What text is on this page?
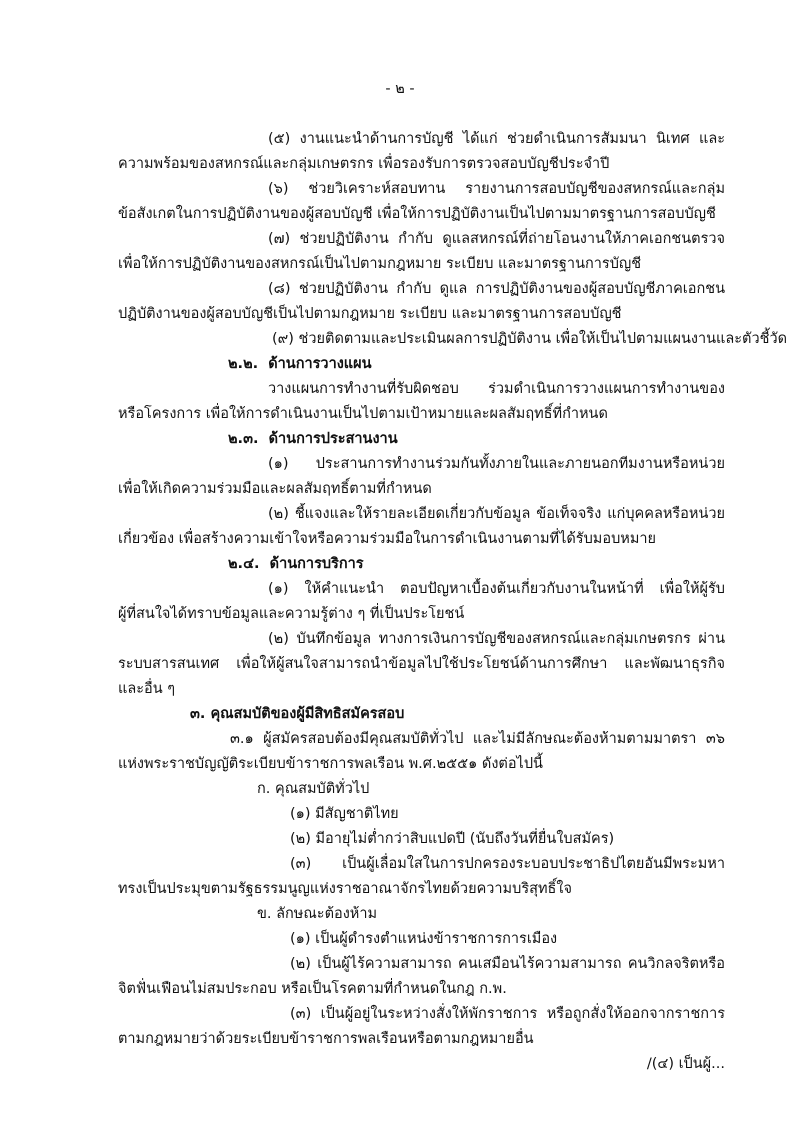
- ๒ -
(๕) งานแนะนำด้านการบัญชี ได้แก่ ช่วยดำเนินการสัมมนา นิเทศ และ
ความพร้อมของสหกรณ์และกลุ่มเกษตรกร เพื่อรองรับการตรวจสอบบัญชีประจำปี
(๖) ช่วยวิเคราะห์สอบทาน รายงานการสอบบัญชีของสหกรณ์และกลุ่ม
ข้อสังเกตในการปฏิบัติงานของผู้สอบบัญชี เพื่อให้การปฏิบัติงานเป็นไปตามมาตรฐานการสอบบัญชี
(๗) ช่วยปฏิบัติงาน กำกับ ดูแลสหกรณ์ที่ถ่ายโอนงานให้ภาคเอกชนตรวจ
เพื่อให้การปฏิบัติงานของสหกรณ์เป็นไปตามกฎหมาย ระเบียบ และมาตรฐานการบัญชี
(๘) ช่วยปฏิบัติงาน กำกับ ดูแล การปฏิบัติงานของผู้สอบบัญชีภาคเอกชน
ปฏิบัติงานของผู้สอบบัญชีเป็นไปตามกฎหมาย ระเบียบ และมาตรฐานการสอบบัญชี
(๙) ช่วยติดตามและประเมินผลการปฏิบัติงาน เพื่อให้เป็นไปตามแผนงานและตัวชี้วัด
๒.๒. ด้านการวางแผน
วางแผนการทำงานที่รับผิดชอบ ร่วมดำเนินการวางแผนการทำงานของ
หรือโครงการ เพื่อให้การดำเนินงานเป็นไปตามเป้าหมายและผลสัมฤทธิ์ที่กำหนด
๒.๓. ด้านการประสานงาน
(๑) ประสานการทำงานร่วมกันทั้งภายในและภายนอกทีมงานหรือหน่วย
เพื่อให้เกิดความร่วมมือและผลสัมฤทธิ์ตามที่กำหนด
(๒) ชี้แจงและให้รายละเอียดเกี่ยวกับข้อมูล ข้อเท็จจริง แก่บุคคลหรือหน่วย
เกี่ยวข้อง เพื่อสร้างความเข้าใจหรือความร่วมมือในการดำเนินงานตามที่ได้รับมอบหมาย
๒.๔. ด้านการบริการ
(๑) ให้คำแนะนำ ตอบปัญหาเบื้องต้นเกี่ยวกับงานในหน้าที่ เพื่อให้ผู้รับ
ผู้ที่สนใจได้ทราบข้อมูลและความรู้ต่าง ๆ ที่เป็นประโยชน์
(๒) บันทึกข้อมูล ทางการเงินการบัญชีของสหกรณ์และกลุ่มเกษตรกร ผ่าน
ระบบสารสนเทศ เพื่อให้ผู้สนใจสามารถนำข้อมูลไปใช้ประโยชน์ด้านการศึกษา และพัฒนาธุรกิจ
และอื่น ๆ
๓. คุณสมบัติของผู้มีสิทธิสมัครสอบ
๓.๑ ผู้สมัครสอบต้องมีคุณสมบัติทั่วไป และไม่มีลักษณะต้องห้ามตามมาตรา ๓๖
แห่งพระราชบัญญัติระเบียบข้าราชการพลเรือน พ.ศ.๒๕๕๑ ดังต่อไปนี้
ก. คุณสมบัติทั่วไป
(๑) มีสัญชาติไทย
(๒) มีอายุไม่ต่ำกว่าสิบแปดปี (นับถึงวันที่ยื่นใบสมัคร)
(๓) เป็นผู้เลื่อมใสในการปกครองระบอบประชาธิปไตยอันมีพระมหา
ทรงเป็นประมุขตามรัฐธรรมนูญแห่งราชอาณาจักรไทยด้วยความบริสุทธิ์ใจ
ข. ลักษณะต้องห้าม
(๑) เป็นผู้ดำรงตำแหน่งข้าราชการการเมือง
(๒) เป็นผู้ไร้ความสามารถ คนเสมือนไร้ความสามารถ คนวิกลจริตหรือ
จิตฟั่นเฟือนไม่สมประกอบ หรือเป็นโรคตามที่กำหนดในกฎ ก.พ.
(๓) เป็นผู้อยู่ในระหว่างสั่งให้พักราชการ หรือถูกสั่งให้ออกจากราชการ
ตามกฎหมายว่าด้วยระเบียบข้าราชการพลเรือนหรือตามกฎหมายอื่น
/(๔) เป็นผู้...
